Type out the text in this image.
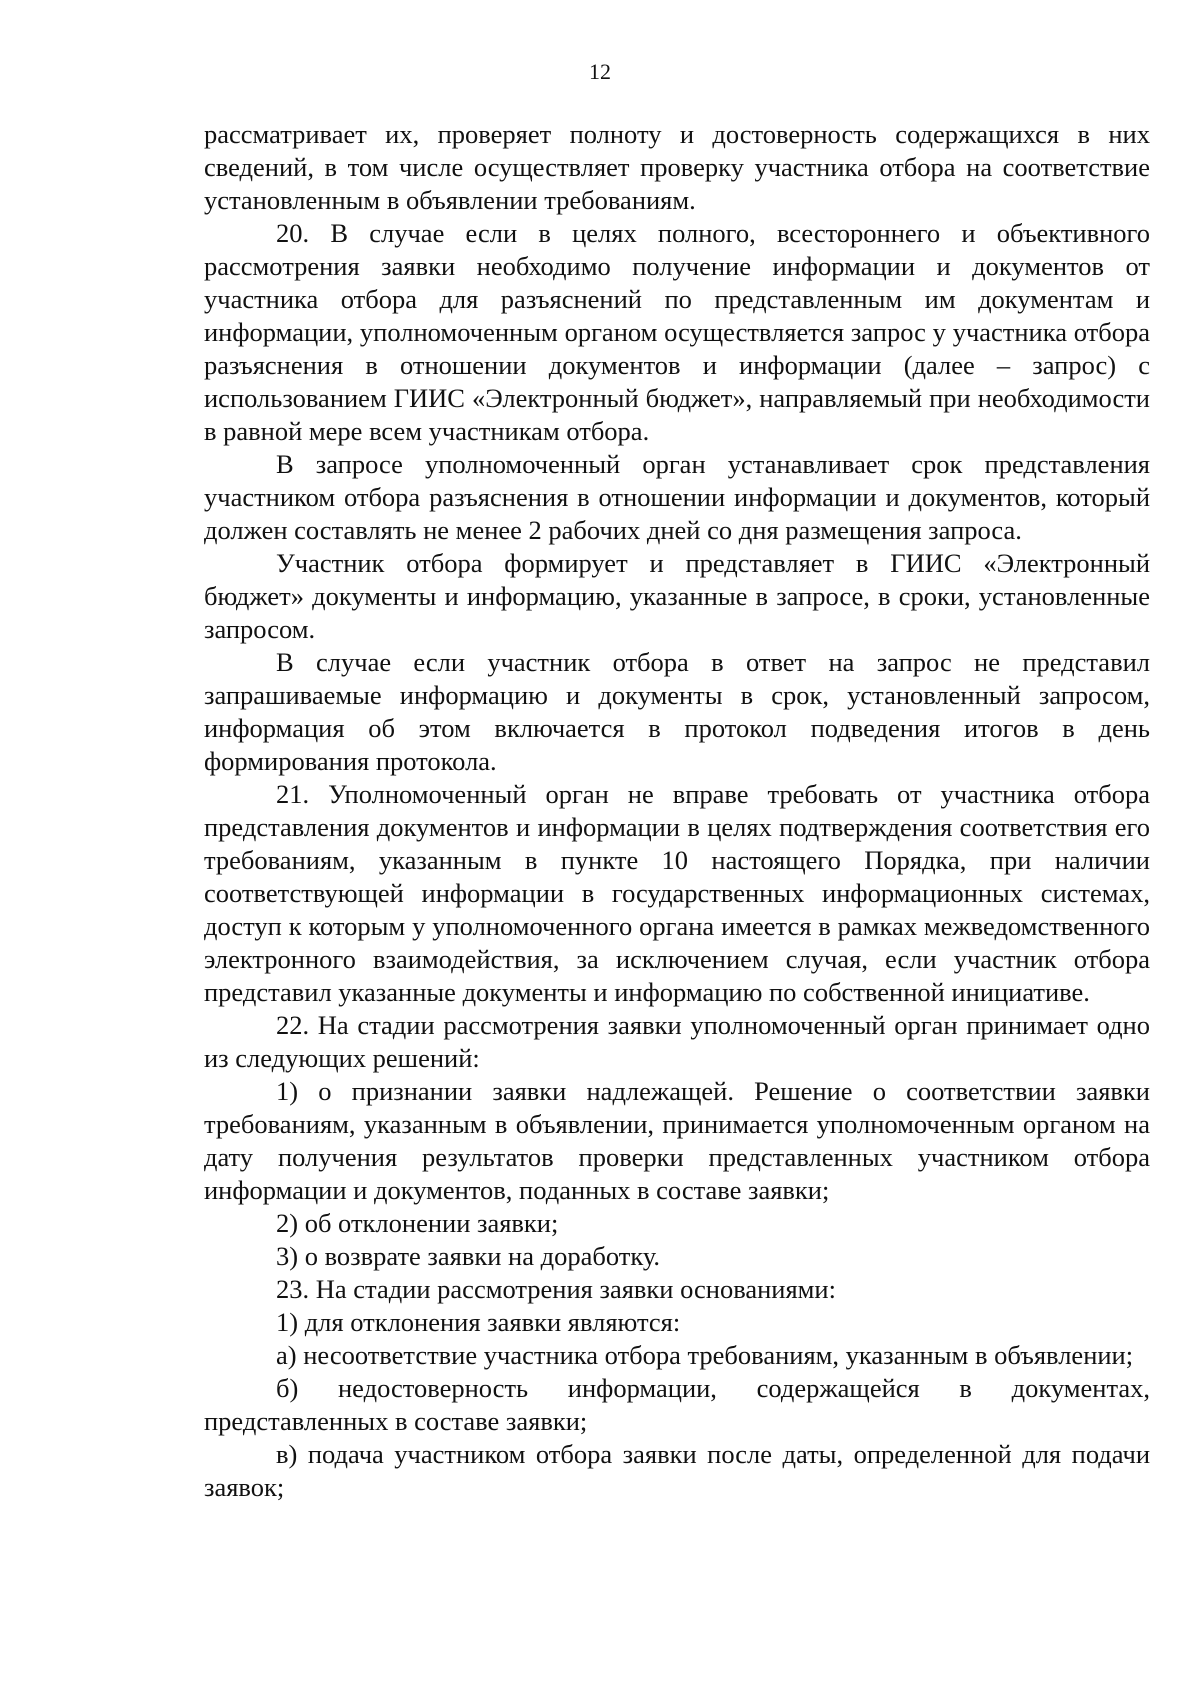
12

рассматривает их, проверяет полноту и достоверность содержащихся в них сведений, в том числе осуществляет проверку участника отбора на соответствие установленным в объявлении требованиям.

20. В случае если в целях полного, всестороннего и объективного рассмотрения заявки необходимо получение информации и документов от участника отбора для разъяснений по представленным им документам и информации, уполномоченным органом осуществляется запрос у участника отбора разъяснения в отношении документов и информации (далее – запрос) с использованием ГИИС «Электронный бюджет», направляемый при необходимости в равной мере всем участникам отбора.

В запросе уполномоченный орган устанавливает срок представления участником отбора разъяснения в отношении информации и документов, который должен составлять не менее 2 рабочих дней со дня размещения запроса.

Участник отбора формирует и представляет в ГИИС «Электронный бюджет» документы и информацию, указанные в запросе, в сроки, установленные запросом.

В случае если участник отбора в ответ на запрос не представил запрашиваемые информацию и документы в срок, установленный запросом, информация об этом включается в протокол подведения итогов в день формирования протокола.

21. Уполномоченный орган не вправе требовать от участника отбора представления документов и информации в целях подтверждения соответствия его требованиям, указанным в пункте 10 настоящего Порядка, при наличии соответствующей информации в государственных информационных системах, доступ к которым у уполномоченного органа имеется в рамках межведомственного электронного взаимодействия, за исключением случая, если участник отбора представил указанные документы и информацию по собственной инициативе.

22. На стадии рассмотрения заявки уполномоченный орган принимает одно из следующих решений:

1) о признании заявки надлежащей. Решение о соответствии заявки требованиям, указанным в объявлении, принимается уполномоченным органом на дату получения результатов проверки представленных участником отбора информации и документов, поданных в составе заявки;

2) об отклонении заявки;

3) о возврате заявки на доработку.

23. На стадии рассмотрения заявки основаниями:

1) для отклонения заявки являются:

а) несоответствие участника отбора требованиям, указанным в объявлении;

б) недостоверность информации, содержащейся в документах, представленных в составе заявки;

в) подача участником отбора заявки после даты, определенной для подачи заявок;
